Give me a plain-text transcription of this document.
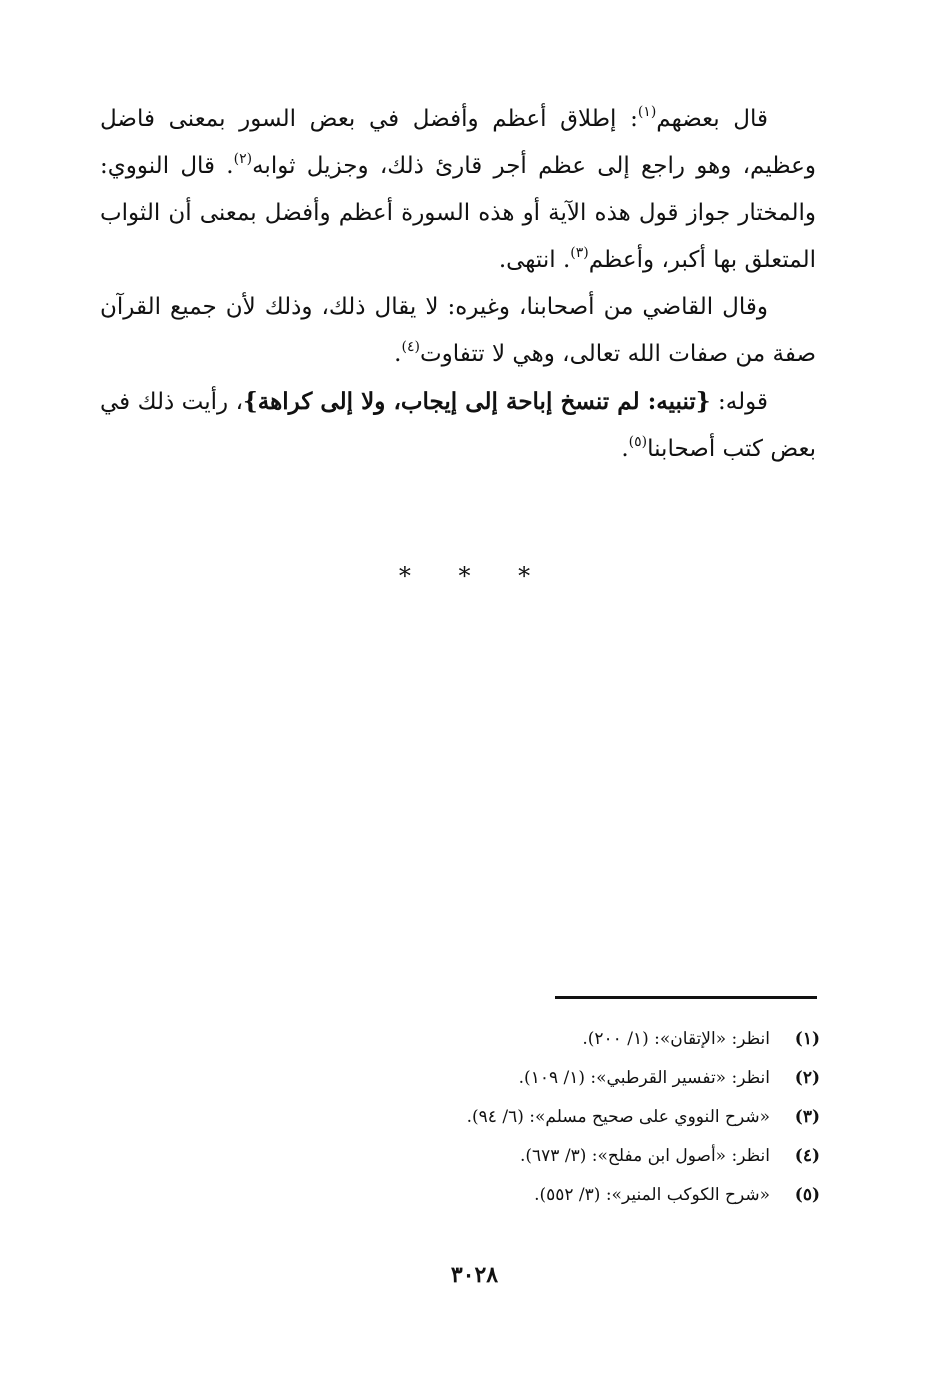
قال بعضهم$^{(١)}$: إطلاق أعظم وأفضل في بعض السور بمعنى فاضل وعظيم، وهو راجع إلى عظم أجر قارئ ذلك، وجزيل ثوابه$^{(٢)}$. قال النووي: والمختار جواز قول هذه الآية أو هذه السورة أعظم وأفضل بمعنى أن الثواب المتعلق بها أكبر، وأعظم$^{(٣)}$. انتهى.

وقال القاضي من أصحابنا، وغيره: لا يقال ذلك، وذلك لأن جميع القرآن صفة من صفات الله تعالى، وهي لا تتفاوت$^{(٤)}$.

قوله: {تنبيه: لم تنسخ إباحة إلى إيجاب، ولا إلى كراهة}، رأيت ذلك في بعض كتب أصحابنا$^{(٥)}$.

* * *
(١)انظر: «الإتقان»: (١/ ٢٠٠).
(٢)انظر: «تفسير القرطبي»: (١/ ١٠٩).
(٣)«شرح النووي على صحيح مسلم»: (٦/ ٩٤).
(٤)انظر: «أصول ابن مفلح»: (٣/ ٦٧٣).
(٥)«شرح الكوكب المنير»: (٣/ ٥٥٢).
٣٠٢٨
